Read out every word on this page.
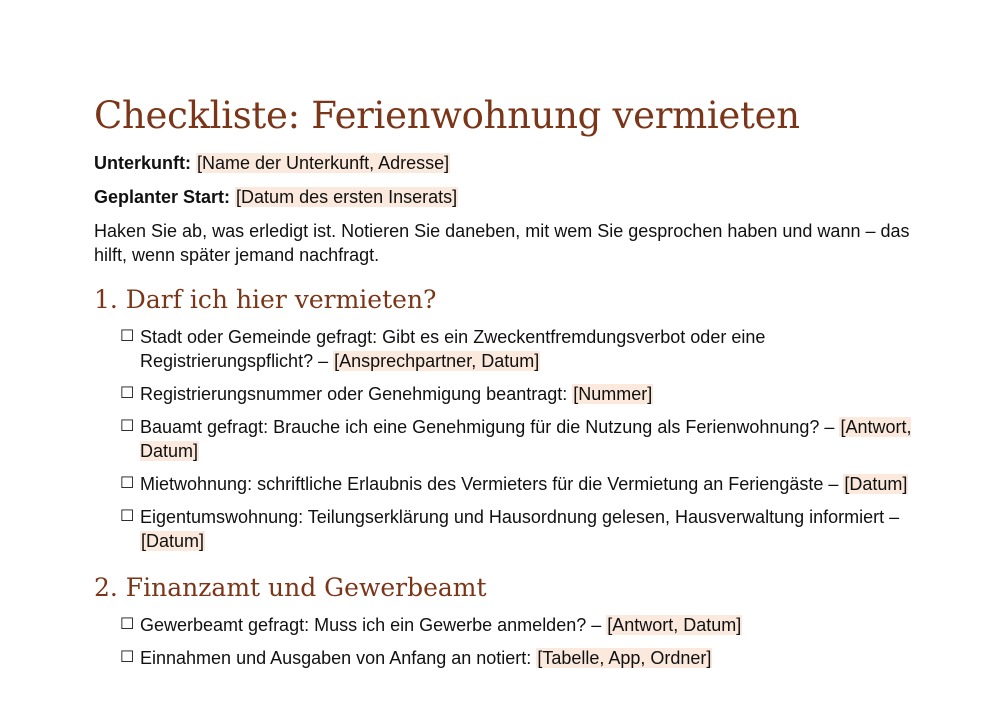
Checkliste: Ferienwohnung vermieten

Unterkunft: [Name der Unterkunft, Adresse]

Geplanter Start: [Datum des ersten Inserats]

Haken Sie ab, was erledigt ist. Notieren Sie daneben, mit wem Sie gesprochen haben und wann – das hilft, wenn später jemand nachfragt.

1. Darf ich hier vermieten?
☐ Stadt oder Gemeinde gefragt: Gibt es ein Zweckentfremdungsverbot oder eine Registrierungspflicht? – [Ansprechpartner, Datum]
☐ Registrierungsnummer oder Genehmigung beantragt: [Nummer]
☐ Bauamt gefragt: Brauche ich eine Genehmigung für die Nutzung als Ferienwohnung? – [Antwort, Datum]
☐ Mietwohnung: schriftliche Erlaubnis des Vermieters für die Vermietung an Feriengäste – [Datum]
☐ Eigentumswohnung: Teilungserklärung und Hausordnung gelesen, Hausverwaltung informiert – [Datum]
2. Finanzamt und Gewerbeamt
☐ Gewerbeamt gefragt: Muss ich ein Gewerbe anmelden? – [Antwort, Datum]
☐ Einnahmen und Ausgaben von Anfang an notiert: [Tabelle, App, Ordner]
